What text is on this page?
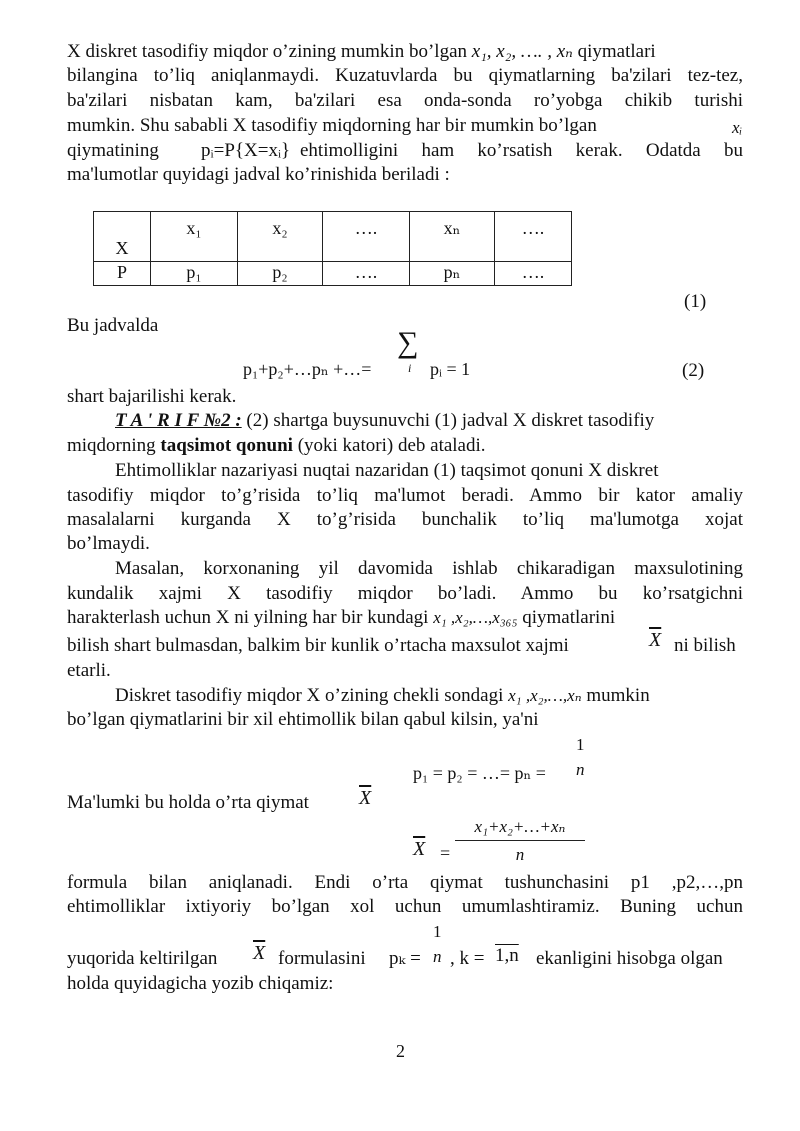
X diskret tasodifiy miqdor o’zining mumkin bo’lgan x₁, x₂, …. , xₙ qiymatlari
bilangina to’liq aniqlanmaydi. Kuzatuvlarda bu qiymatlarning ba'zilari tez-tez,
ba'zilari nisbatan kam, ba'zilari esa onda-sonda ro’yobga chikib turishi
mumkin. Shu sababli X tasodifiy miqdorning har bir mumkin bo’lgan	xᵢ
qiymatining pᵢ=P{X=xᵢ} ehtimolligini ham ko’rsatish kerak. Odatda bu
ma'lumotlar quyidagi jadval ko’rinishida beriladi :
X	x₁	x₂	….	xₙ	….
P	p₁	p₂	….	pₙ	….
(1)
Bu jadvalda
p₁+p₂+…pₙ +…=
∑
i pᵢ = 1	(2)
shart bajarilishi kerak.
T A ' R I F №2 : (2) shartga buysunuvchi (1) jadval X diskret tasodifiy
miqdorning taqsimot qonuni (yoki katori) deb ataladi.
Ehtimolliklar nazariyasi nuqtai nazaridan (1) taqsimot qonuni X diskret
tasodifiy miqdor to’g’risida to’liq ma'lumot beradi. Ammo bir kator amaliy
masalalarni kurganda X to’g’risida bunchalik to’liq ma'lumotga xojat
bo’lmaydi.
Masalan, korxonaning yil davomida ishlab chikaradigan maxsulotining
kundalik xajmi X tasodifiy miqdor bo’ladi. Ammo bu ko’rsatgichni
harakterlash uchun X ni yilning har bir kundagi x₁ ,x₂,…,x₃₆₅ qiymatlarini
bilish shart bulmasdan, balkim bir kunlik o’rtacha maxsulot xajmi	$\overline{X}$ ni bilish
etarli.
Diskret tasodifiy miqdor X o’zining chekli sondagi x₁ ,x₂,…,xₙ mumkin
bo’lgan qiymatlarini bir xil ehtimollik bilan qabul kilsin, ya'ni
p₁ = p₂ = …= pₙ =
1
n
Ma'lumki bu holda o’rta qiymat	$\overline{X}$
$\overline{X}$ =
x₁+x₂+…+xₙ
n
formula bilan aniqlanadi. Endi o’rta qiymat tushunchasini p1 ,p2,…,pn
ehtimolliklar ixtiyoriy bo’lgan xol uchun umumlashtiramiz. Buning uchun
yuqorida keltirilgan $\overline{X}$ formulasini pₖ =
1
n , k = 1,n ekanligini hisobga olgan
holda quyidagicha yozib chiqamiz:
2
